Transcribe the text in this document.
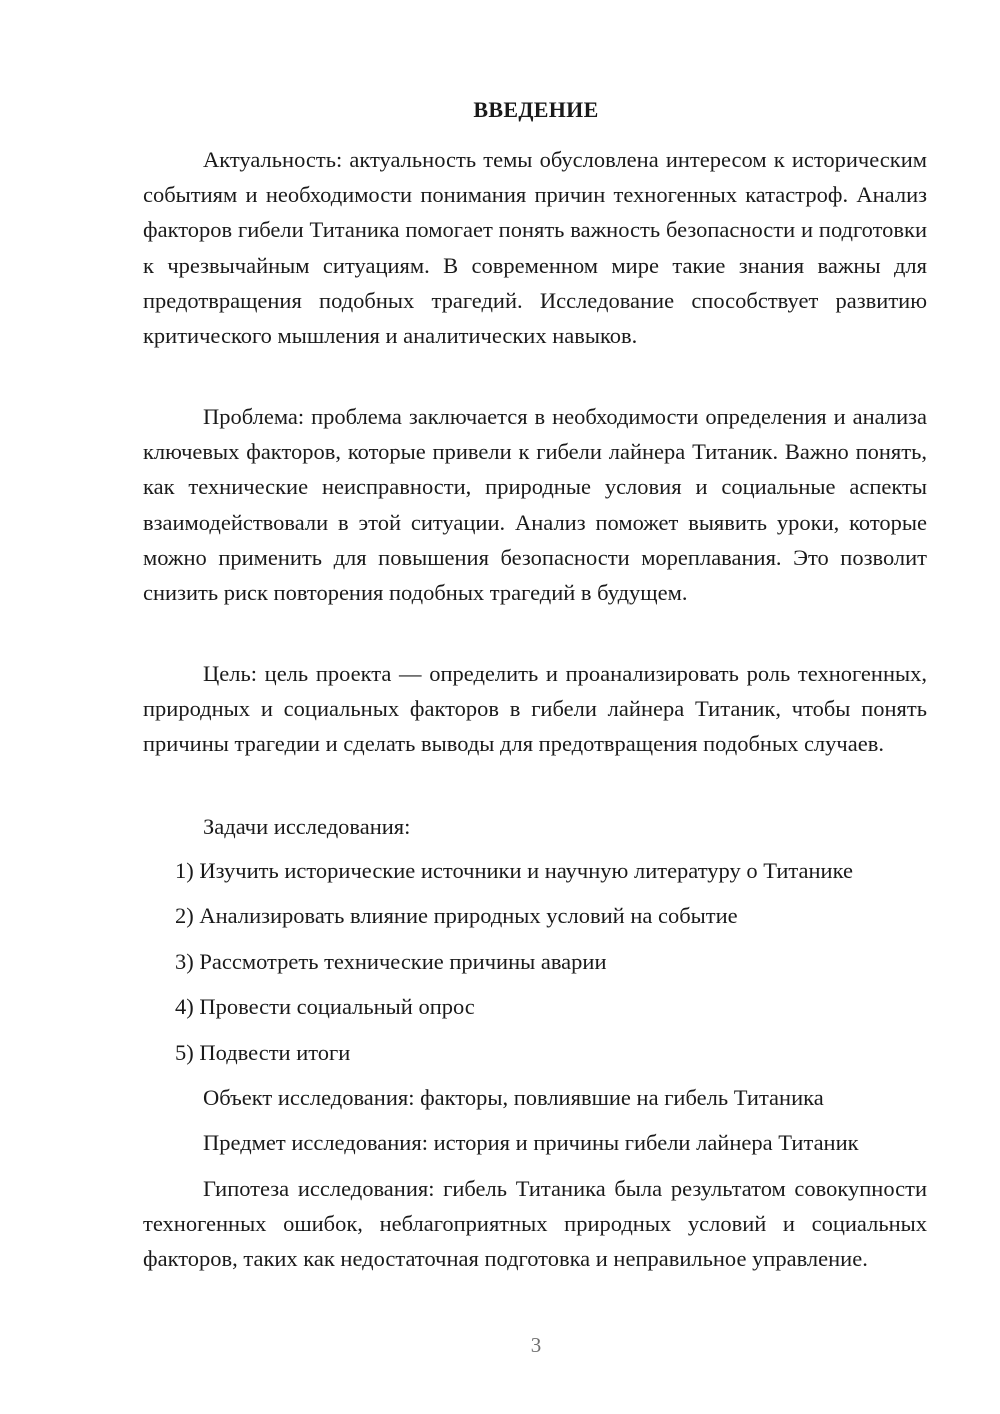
ВВЕДЕНИЕ

Актуальность: актуальность темы обусловлена интересом к историческим событиям и необходимости понимания причин техногенных катастроф. Анализ факторов гибели Титаника помогает понять важность безопасности и подготовки к чрезвычайным ситуациям. В современном мире такие знания важны для предотвращения подобных трагедий. Исследование способствует развитию критического мышления и аналитических навыков.

Проблема: проблема заключается в необходимости определения и анализа ключевых факторов, которые привели к гибели лайнера Титаник. Важно понять, как технические неисправности, природные условия и социальные аспекты взаимодействовали в этой ситуации. Анализ поможет выявить уроки, которые можно применить для повышения безопасности мореплавания. Это позволит снизить риск повторения подобных трагедий в будущем.

Цель: цель проекта — определить и проанализировать роль техногенных, природных и социальных факторов в гибели лайнера Титаник, чтобы понять причины трагедии и сделать выводы для предотвращения подобных случаев.

Задачи исследования:

1) Изучить исторические источники и научную литературу о Титанике

2) Анализировать влияние природных условий на событие

3) Рассмотреть технические причины аварии

4) Провести социальный опрос

5) Подвести итоги

Объект исследования: факторы, повлиявшие на гибель Титаника

Предмет исследования: история и причины гибели лайнера Титаник

Гипотеза исследования: гибель Титаника была результатом совокупности техногенных ошибок, неблагоприятных природных условий и социальных факторов, таких как недостаточная подготовка и неправильное управление.

3
